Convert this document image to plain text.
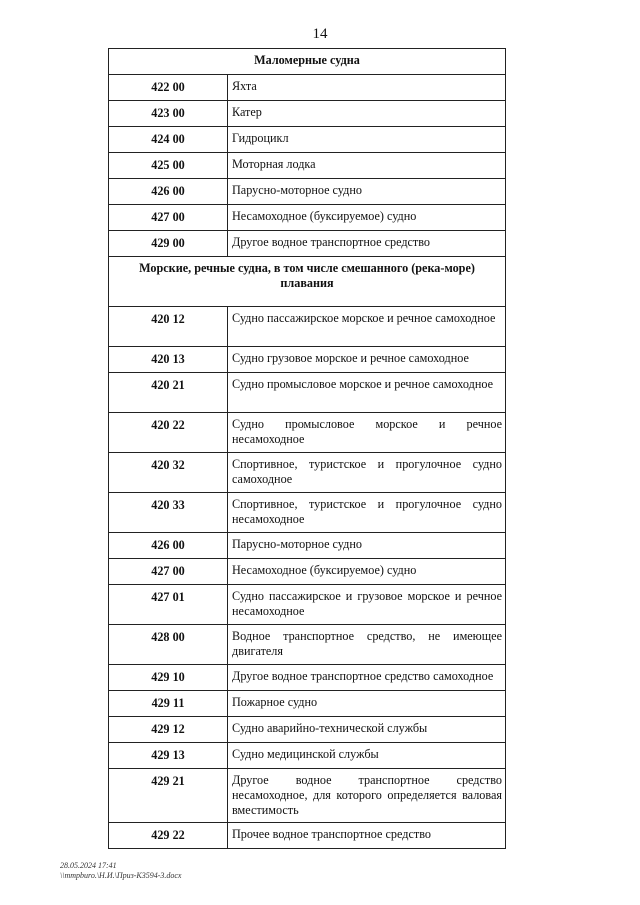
14
Маломерные судна	
422 00	Яхта
423 00	Катер
424 00	Гидроцикл
425 00	Моторная лодка
426 00	Парусно-моторное судно
427 00	Несамоходное (буксируемое) судно
429 00	Другое водное транспортное средство
Морские, речные судна, в том числе смешанного (река-море) плавания	
420 12	Судно пассажирское морское и речное самоходное
420 13	Судно грузовое морское и речное самоходное
420 21	Судно промысловое морское и речное самоходное
420 22	Судно промысловое морское и речное несамоходное
420 32	Спортивное, туристское и прогулочное судно самоходное
420 33	Спортивное, туристское и прогулочное судно несамоходное
426 00	Парусно-моторное судно
427 00	Несамоходное (буксируемое) судно
427 01	Судно пассажирское и грузовое морское и речное несамоходное
428 00	Водное транспортное средство, не имеющее двигателя
429 10	Другое водное транспортное средство самоходное
429 11	Пожарное судно
429 12	Судно аварийно-технической службы
429 13	Судно медицинской службы
429 21	Другое водное транспортное средство несамоходное, для которого определяется валовая вместимость
429 22	Прочее водное транспортное средство
28.05.2024 17:41
\\mmpburo.\Н.И.\Приз-К3594-3.docx
